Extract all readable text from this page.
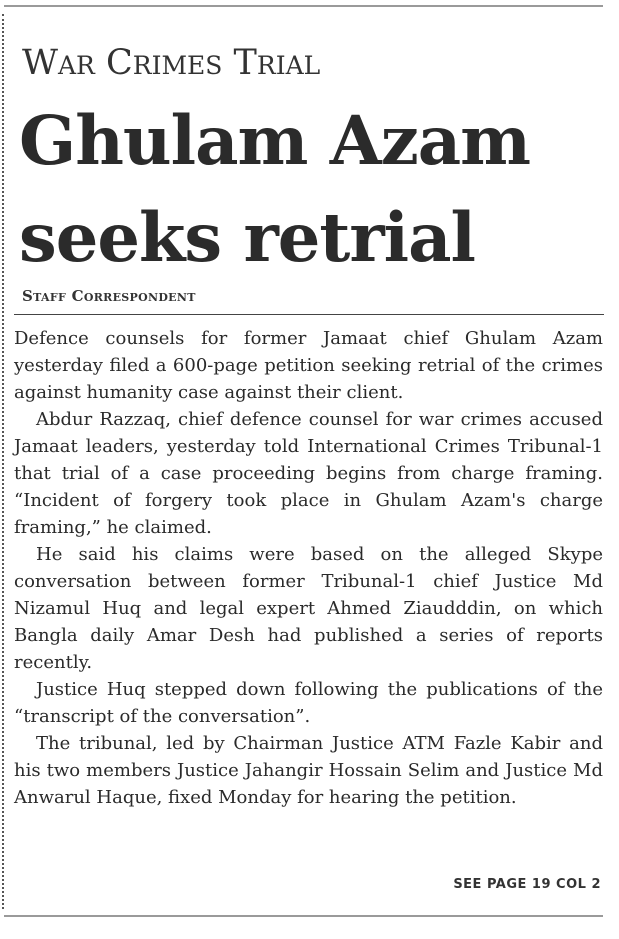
War Crimes Trial
Ghulam Azam
seeks retrial
Staff Correspondent

Defence counsels for former Jamaat chief Ghulam Azam yesterday filed a 600-page petition seeking retrial of the crimes against humanity case against their client.

Abdur Razzaq, chief defence counsel for war crimes accused Jamaat leaders, yesterday told International Crimes Tribunal-1 that trial of a case proceeding begins from charge framing. “Incident of forgery took place in Ghulam Azam's charge framing,” he claimed.

He said his claims were based on the alleged Skype conversation between former Tribunal-1 chief Justice Md Nizamul Huq and legal expert Ahmed Ziaudddin, on which Bangla daily Amar Desh had published a series of reports recently.

Justice Huq stepped down following the publications of the “transcript of the conversation”.

The tribunal, led by Chairman Justice ATM Fazle Kabir and his two members Justice Jahangir Hossain Selim and Justice Md Anwarul Haque, fixed Monday for hearing the petition.

SEE PAGE 19 COL 2
